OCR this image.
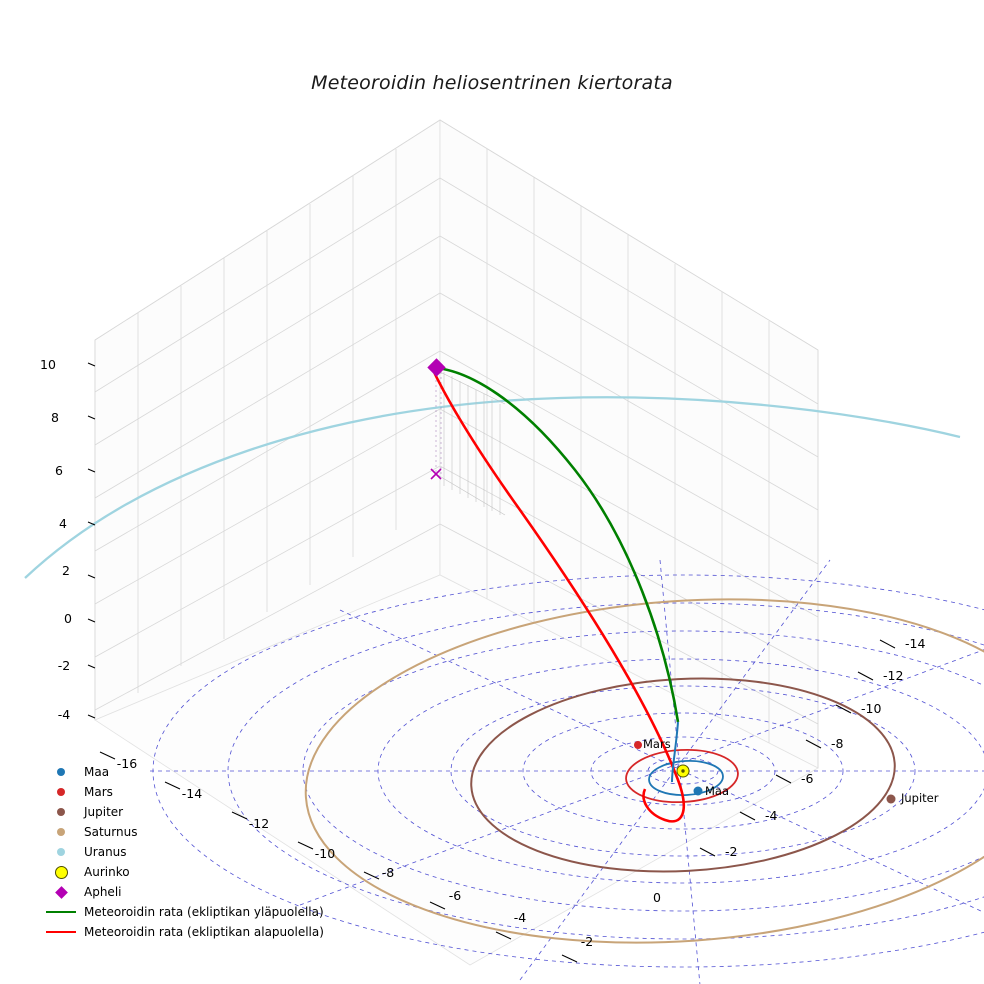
Meteoroidin heliosentrinen kiertorata
Mars
Maa	Jupiter
10
8
6
4
2
0
-2
-4
-16
-14
-12
-10
-8
-6
-4
-2
0
-14
-12
-10
-8
-6
-4
-2
Maa
Mars
Jupiter
Saturnus
Uranus
Aurinko
Apheli
Meteoroidin rata (ekliptikan yläpuolella)
Meteoroidin rata (ekliptikan alapuolella)
